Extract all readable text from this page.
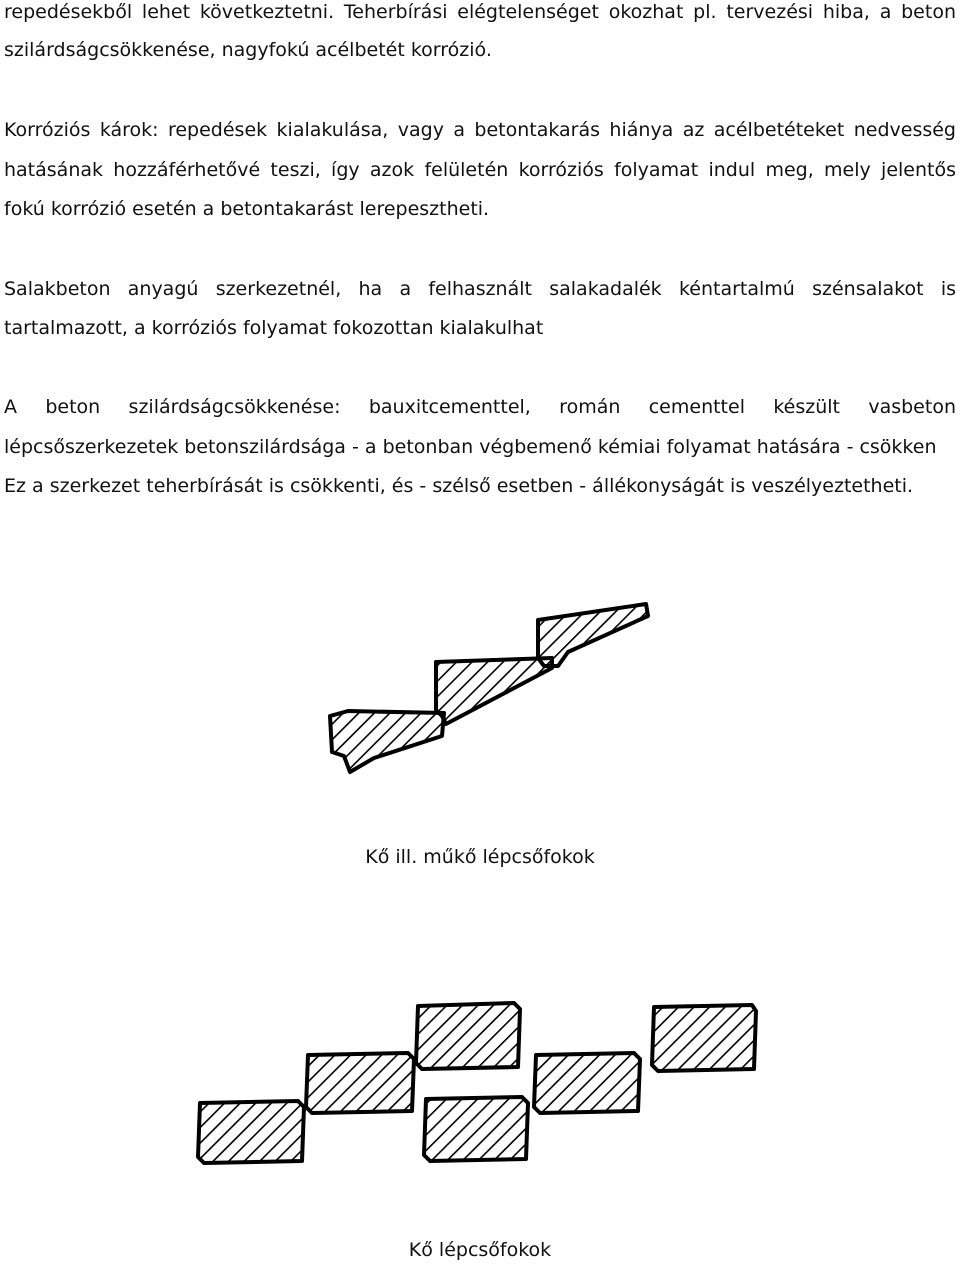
repedésekből lehet következtetni. Teherbírási elégtelenséget okozhat pl. tervezési hiba, a beton
szilárdságcsökkenése, nagyfokú acélbetét korrózió.
Korróziós károk: repedések kialakulása, vagy a betontakarás hiánya az acélbetéteket nedvesség
hatásának hozzáférhetővé teszi, így azok felületén korróziós folyamat indul meg, mely jelentős
fokú korrózió esetén a betontakarást lerepesztheti.
Salakbeton anyagú szerkezetnél, ha a felhasznált salakadalék kéntartalmú szénsalakot is
tartalmazott, a korróziós folyamat fokozottan kialakulhat
A beton szilárdságcsökkenése: bauxitcementtel, román cementtel készült vasbeton
lépcsőszerkezetek betonszilárdsága - a betonban végbemenő kémiai folyamat hatására - csökken
Ez a szerkezet teherbírását is csökkenti, és - szélső esetben - állékonyságát is veszélyeztetheti.
Kő ill. műkő lépcsőfokok
Kő lépcsőfokok
